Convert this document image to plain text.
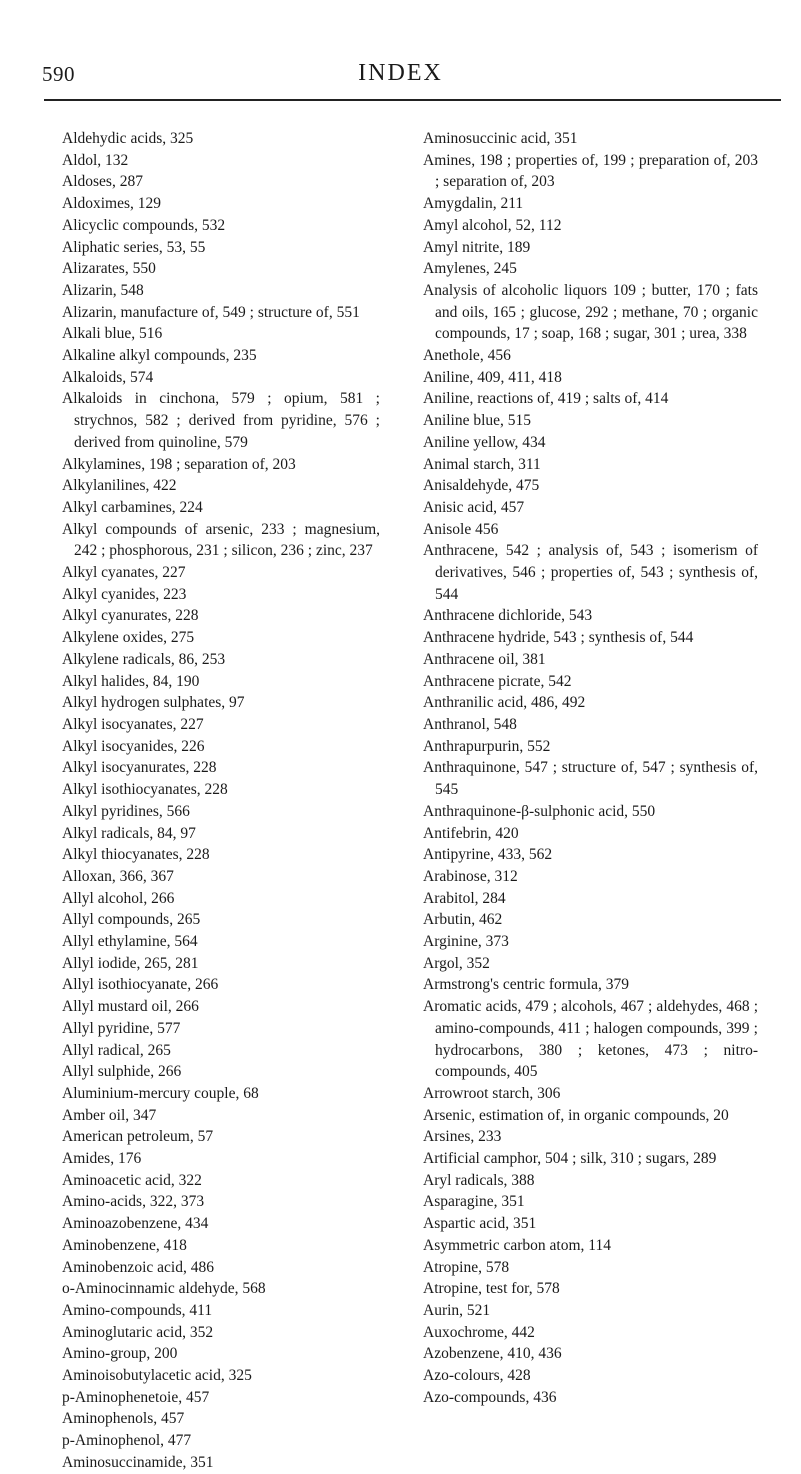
590	INDEX

Aldehydic acids, 325

Aldol, 132

Aldoses, 287

Aldoximes, 129

Alicyclic compounds, 532

Aliphatic series, 53, 55

Alizarates, 550

Alizarin, 548

Alizarin, manufacture of, 549 ; structure of, 551

Alkali blue, 516

Alkaline alkyl compounds, 235

Alkaloids, 574

Alkaloids in cinchona, 579 ; opium, 581 ; strychnos, 582 ; derived from pyridine, 576 ; derived from quinoline, 579

Alkylamines, 198 ; separation of, 203

Alkylanilines, 422

Alkyl carbamines, 224

Alkyl compounds of arsenic, 233 ; magnesium, 242 ; phosphorous, 231 ; silicon, 236 ; zinc, 237

Alkyl cyanates, 227

Alkyl cyanides, 223

Alkyl cyanurates, 228

Alkylene oxides, 275

Alkylene radicals, 86, 253

Alkyl halides, 84, 190

Alkyl hydrogen sulphates, 97

Alkyl isocyanates, 227

Alkyl isocyanides, 226

Alkyl isocyanurates, 228

Alkyl isothiocyanates, 228

Alkyl pyridines, 566

Alkyl radicals, 84, 97

Alkyl thiocyanates, 228

Alloxan, 366, 367

Allyl alcohol, 266

Allyl compounds, 265

Allyl ethylamine, 564

Allyl iodide, 265, 281

Allyl isothiocyanate, 266

Allyl mustard oil, 266

Allyl pyridine, 577

Allyl radical, 265

Allyl sulphide, 266

Aluminium-mercury couple, 68

Amber oil, 347

American petroleum, 57

Amides, 176

Aminoacetic acid, 322

Amino-acids, 322, 373

Aminoazobenzene, 434

Aminobenzene, 418

Aminobenzoic acid, 486

o-Aminocinnamic aldehyde, 568

Amino-compounds, 411

Aminoglutaric acid, 352

Amino-group, 200

Aminoisobutylacetic acid, 325

p-Aminophenetoie, 457

Aminophenols, 457

p-Aminophenol, 477

Aminosuccinamide, 351

Aminosuccinic acid, 351

Amines, 198 ; properties of, 199 ; preparation of, 203 ; separation of, 203

Amygdalin, 211

Amyl alcohol, 52, 112

Amyl nitrite, 189

Amylenes, 245

Analysis of alcoholic liquors 109 ; butter, 170 ; fats and oils, 165 ; glucose, 292 ; methane, 70 ; organic compounds, 17 ; soap, 168 ; sugar, 301 ; urea, 338

Anethole, 456

Aniline, 409, 411, 418

Aniline, reactions of, 419 ; salts of, 414

Aniline blue, 515

Aniline yellow, 434

Animal starch, 311

Anisaldehyde, 475

Anisic acid, 457

Anisole 456

Anthracene, 542 ; analysis of, 543 ; isomerism of derivatives, 546 ; properties of, 543 ; synthesis of, 544

Anthracene dichloride, 543

Anthracene hydride, 543 ; synthesis of, 544

Anthracene oil, 381

Anthracene picrate, 542

Anthranilic acid, 486, 492

Anthranol, 548

Anthrapurpurin, 552

Anthraquinone, 547 ; structure of, 547 ; synthesis of, 545

Anthraquinone-β-sulphonic acid, 550

Antifebrin, 420

Antipyrine, 433, 562

Arabinose, 312

Arabitol, 284

Arbutin, 462

Arginine, 373

Argol, 352

Armstrong's centric formula, 379

Aromatic acids, 479 ; alcohols, 467 ; aldehydes, 468 ; amino-compounds, 411 ; halogen compounds, 399 ; hydrocarbons, 380 ; ketones, 473 ; nitro-compounds, 405

Arrowroot starch, 306

Arsenic, estimation of, in organic compounds, 20

Arsines, 233

Artificial camphor, 504 ; silk, 310 ; sugars, 289

Aryl radicals, 388

Asparagine, 351

Aspartic acid, 351

Asymmetric carbon atom, 114

Atropine, 578

Atropine, test for, 578

Aurin, 521

Auxochrome, 442

Azobenzene, 410, 436

Azo-colours, 428

Azo-compounds, 436
